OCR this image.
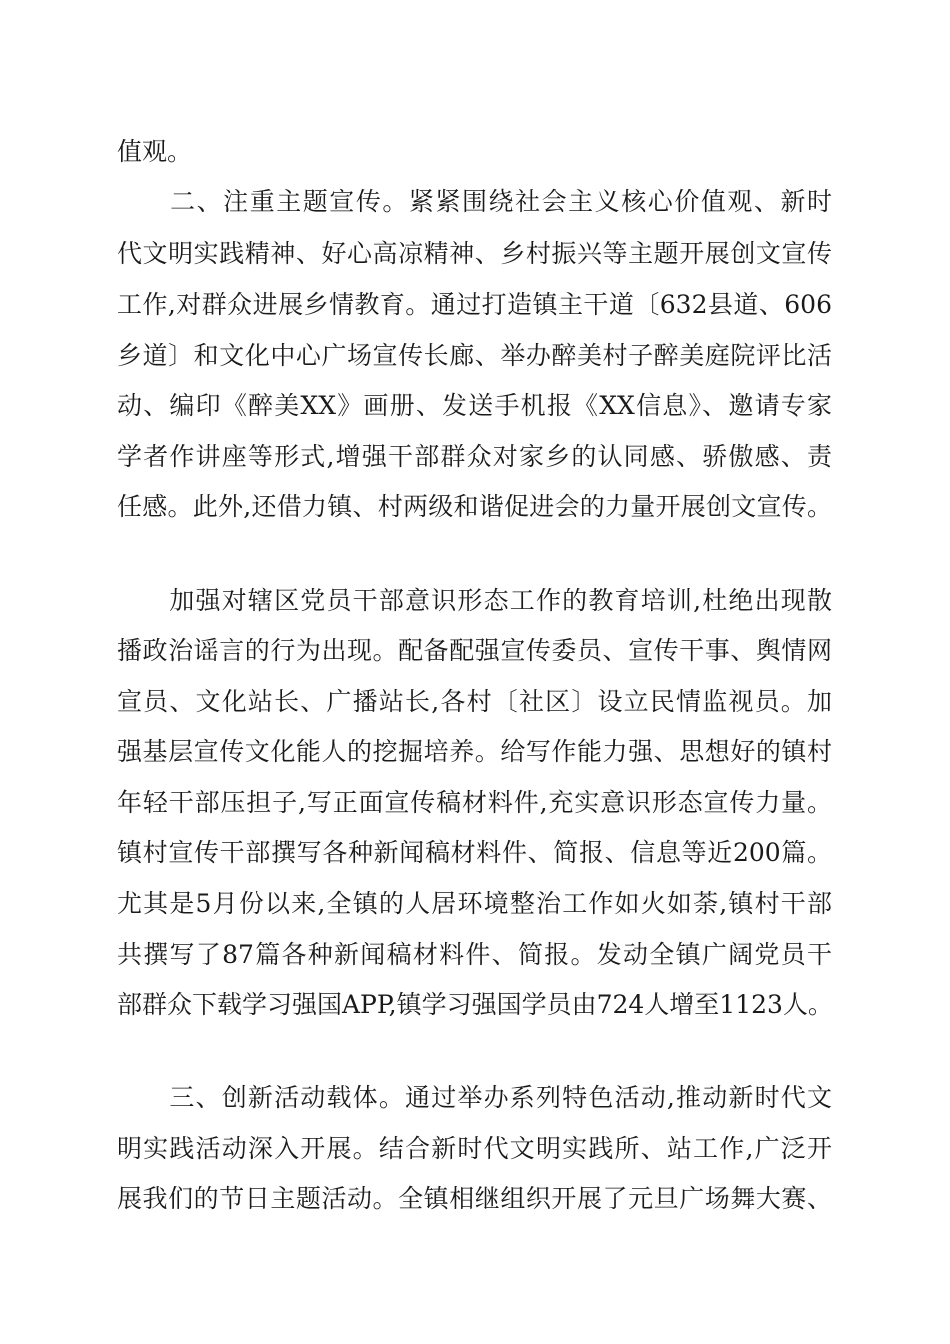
值观。
　　二、注重主题宣传。紧紧围绕社会主义核心价值观、新时
代文明实践精神、好心高凉精神、乡村振兴等主题开展创文宣传
工作,对群众进展乡情教育。通过打造镇主干道〔632县道、606
乡道〕和文化中心广场宣传长廊、举办醉美村子醉美庭院评比活
动、编印《醉美XX》画册、发送手机报《XX信息》、邀请专家
学者作讲座等形式,增强干部群众对家乡的认同感、骄傲感、责
任感。此外,还借力镇、村两级和谐促进会的力量开展创文宣传。
　　加强对辖区党员干部意识形态工作的教育培训,杜绝出现散
播政治谣言的行为出现。配备配强宣传委员、宣传干事、舆情网
宣员、文化站长、广播站长,各村〔社区〕设立民情监视员。加
强基层宣传文化能人的挖掘培养。给写作能力强、思想好的镇村
年轻干部压担子,写正面宣传稿材料件,充实意识形态宣传力量。
镇村宣传干部撰写各种新闻稿材料件、简报、信息等近200篇。
尤其是5月份以来,全镇的人居环境整治工作如火如荼,镇村干部
共撰写了87篇各种新闻稿材料件、简报。发动全镇广阔党员干
部群众下载学习强国APP,镇学习强国学员由724人增至1123人。
　　三、创新活动载体。通过举办系列特色活动,推动新时代文
明实践活动深入开展。结合新时代文明实践所、站工作,广泛开
展我们的节日主题活动。全镇相继组织开展了元旦广场舞大赛、
